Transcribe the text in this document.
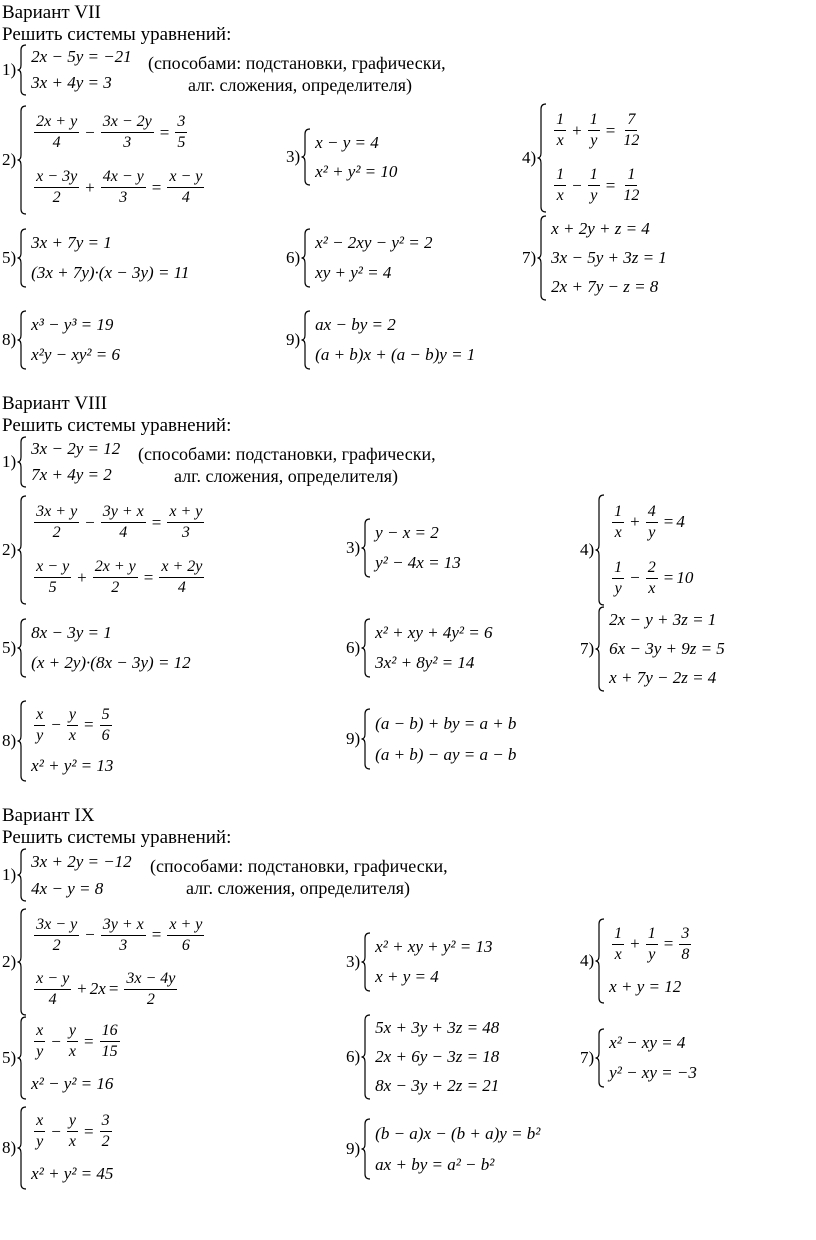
Вариант VII
Решить системы уравнений:
(способами: подстановки, графически,
алг. сложения, определителя)
1)
2x − 5y = −21
3x + 4y = 3
2)
$\frac{2x + y}{4} - \frac{3x - 2y}{3} = \frac{3}{5}$
$\frac{x - 3y}{2} + \frac{4x - y}{3} = \frac{x - y}{4}$
3)
x − y = 4
x² + y² = 10
4)
$\frac{1}{x} + \frac{1}{y} = \frac{7}{12}$
$\frac{1}{x} - \frac{1}{y} = \frac{1}{12}$
5)
3x + 7y = 1
(3x + 7y)·(x − 3y) = 11
6)
x² − 2xy − y² = 2
xy + y² = 4
7)
x + 2y + z = 4
3x − 5y + 3z = 1
2x + 7y − z = 8
8)
x³ − y³ = 19
x²y − xy² = 6
9)
ax − by = 2
(a + b)x + (a − b)y = 1
Вариант VIII
Решить системы уравнений:
(способами: подстановки, графически,
алг. сложения, определителя)
1)
3x − 2y = 12
7x + 4y = 2
2)
$\frac{3x + y}{2} - \frac{3y + x}{4} = \frac{x + y}{3}$
$\frac{x - y}{5} + \frac{2x + y}{2} = \frac{x + 2y}{4}$
3)
y − x = 2
y² − 4x = 13
4)
$\frac{1}{x} + \frac{4}{y} = 4$
$\frac{1}{y} - \frac{2}{x} = 10$
5)
8x − 3y = 1
(x + 2y)·(8x − 3y) = 12
6)
x² + xy + 4y² = 6
3x² + 8y² = 14
7)
2x − y + 3z = 1
6x − 3y + 9z = 5
x + 7y − 2z = 4
$8) \frac{x}{y} - \frac{y}{x} = \frac{5}{6}$
x² + y² = 13
9)
(a − b) + by = a + b
(a + b) − ay = a − b
Вариант IX
Решить системы уравнений:
(способами: подстановки, графически,
алг. сложения, определителя)
1)
3x + 2y = −12
4x − y = 8
2)
$\frac{3x - y}{2} - \frac{3y + x}{3} = \frac{x + y}{6}$
$\frac{x - y}{4} + 2x = \frac{3x - 4y}{2}$
3)
x² + xy + y² = 13
x + y = 4
$4) \frac{1}{x} + \frac{1}{y} = \frac{3}{8}$
x + y = 12
$5) \frac{x}{y} - \frac{y}{x} = \frac{16}{15}$
x² − y² = 16
6)
5x + 3y + 3z = 48
2x + 6y − 3z = 18
8x − 3y + 2z = 21
7)
x² − xy = 4
y² − xy = −3
$8) \frac{x}{y} - \frac{y}{x} = \frac{3}{2}$
x² + y² = 45
9)
(b − a)x − (b + a)y = b²
ax + by = a² − b²
